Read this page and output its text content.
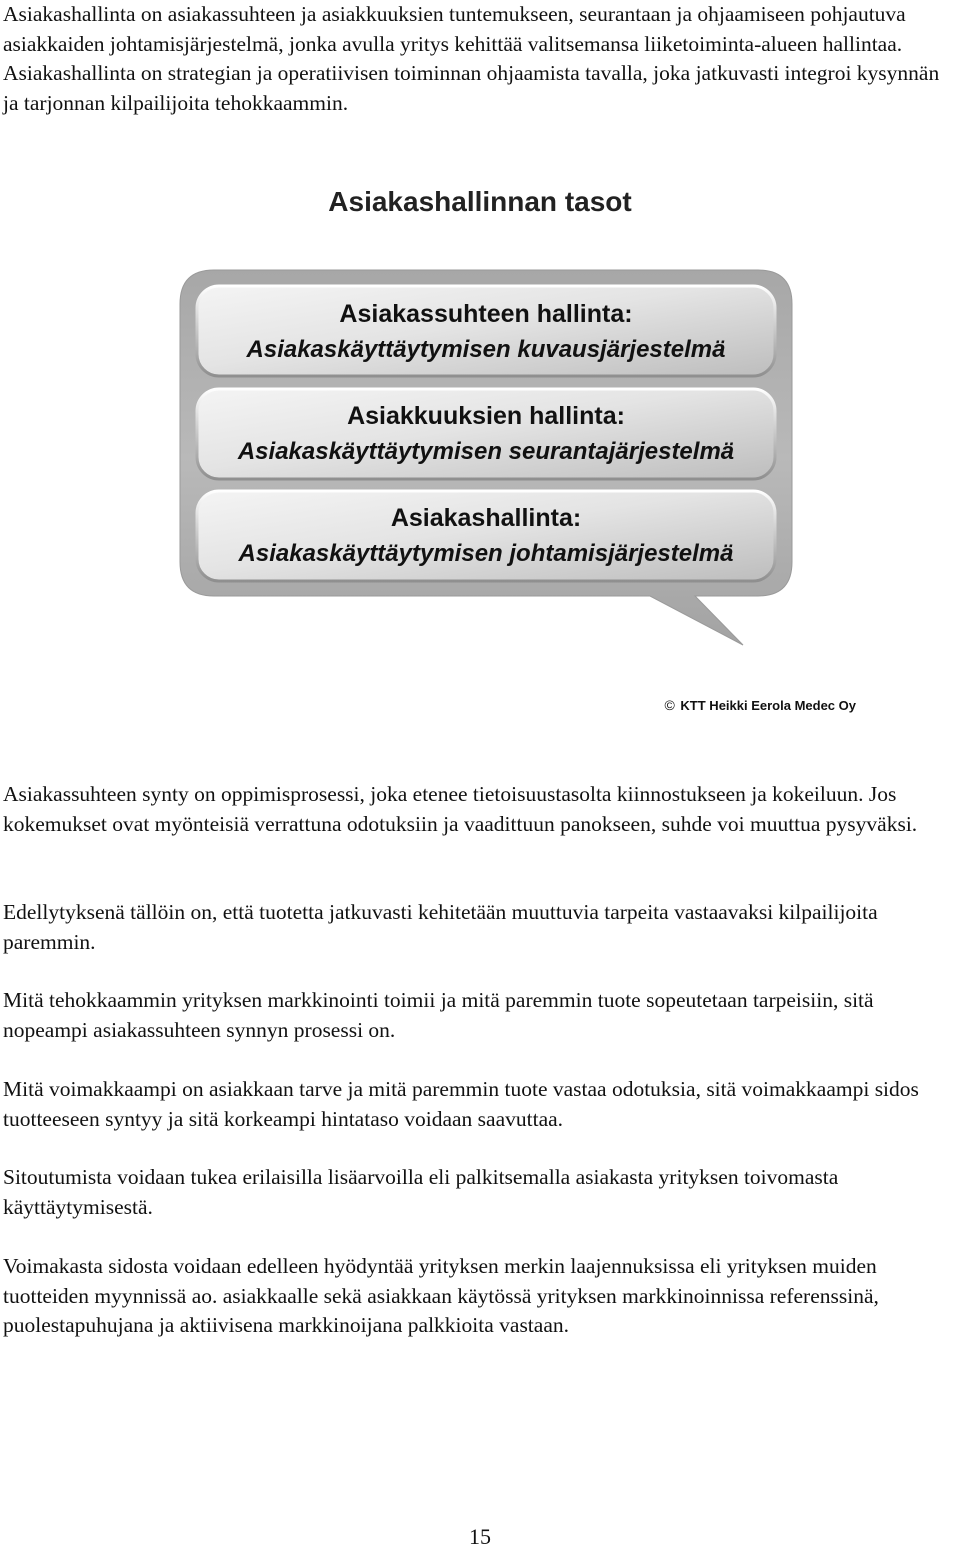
Asiakashallinta on asiakassuhteen ja asiakkuuksien tuntemukseen, seurantaan ja ohjaamiseen pohjautuva asiakkaiden johtamisjärjestelmä, jonka avulla yritys kehittää valitsemansa liiketoiminta-alueen hallintaa. Asiakashallinta on strategian ja operatiivisen toiminnan ohjaamista tavalla, joka jatkuvasti integroi kysynnän ja tarjonnan kilpailijoita tehokkaammin.

Asiakashallinnan tasot
Asiakassuhteen hallinta:
Asiakaskäyttäytymisen kuvausjärjestelmä
Asiakkuuksien hallinta:
Asiakaskäyttäytymisen seurantajärjestelmä
Asiakashallinta:
Asiakaskäyttäytymisen johtamisjärjestelmä
© KTT Heikki Eerola Medec Oy

Asiakassuhteen synty on oppimisprosessi, joka etenee tietoisuustasolta kiinnostukseen ja kokeiluun. Jos kokemukset ovat myönteisiä verrattuna odotuksiin ja vaadittuun panokseen, suhde voi muuttua pysyväksi.

Edellytyksenä tällöin on, että tuotetta jatkuvasti kehitetään muuttuvia tarpeita vastaavaksi kilpailijoita paremmin.

Mitä tehokkaammin yrityksen markkinointi toimii ja mitä paremmin tuote sopeutetaan tarpeisiin, sitä nopeampi asiakassuhteen synnyn prosessi on.

Mitä voimakkaampi on asiakkaan tarve ja mitä paremmin tuote vastaa odotuksia, sitä voimakkaampi sidos tuotteeseen syntyy ja sitä korkeampi hintataso voidaan saavuttaa.

Sitoutumista voidaan tukea erilaisilla lisäarvoilla eli palkitsemalla asiakasta yrityksen toivomasta käyttäytymisestä.

Voimakasta sidosta voidaan edelleen hyödyntää yrityksen merkin laajennuksissa eli yrityksen muiden tuotteiden myynnissä ao. asiakkaalle sekä asiakkaan käytössä yrityksen markkinoinnissa referenssinä, puolestapuhujana ja aktiivisena markkinoijana palkkioita vastaan.

15
